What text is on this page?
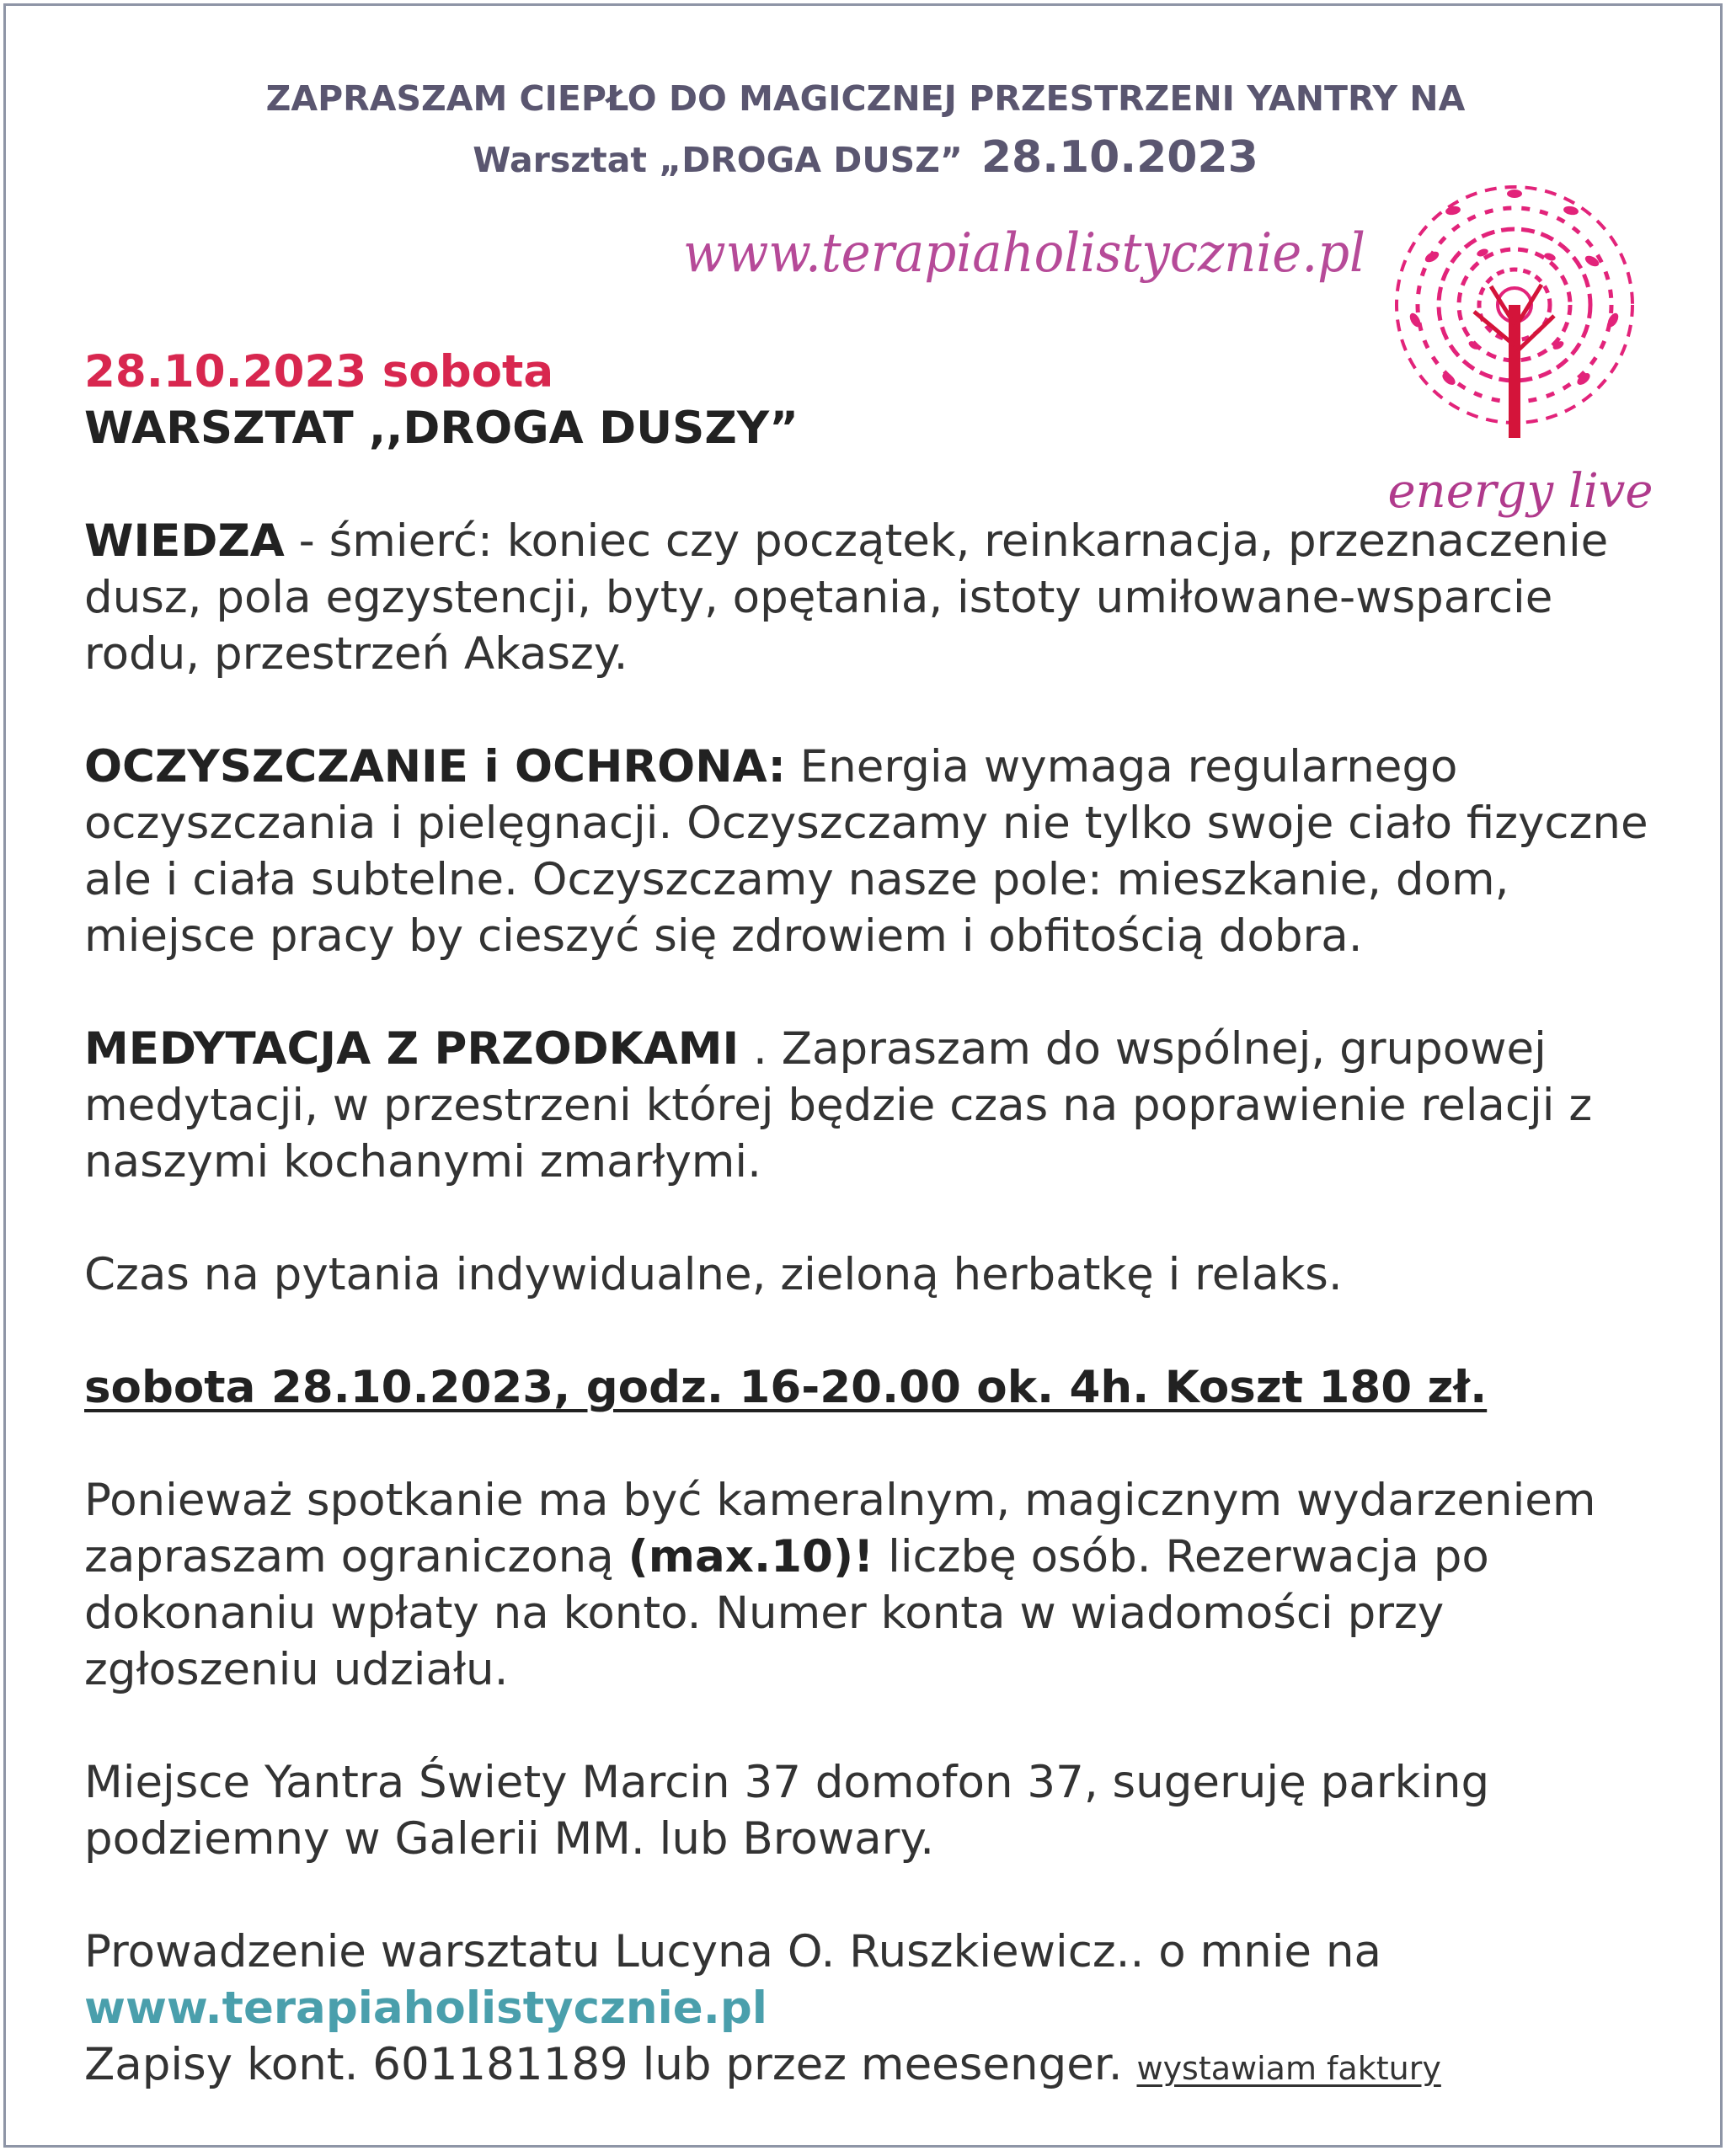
ZAPRASZAM CIEPŁO DO MAGICZNEJ PRZESTRZENI YANTRY NA
Warsztat „DROGA DUSZ” 28.10.2023
www.terapiaholistycznie.pl
energy live

28.10.2023 sobota

WARSZTAT ,,DROGA DUSZY”

WIEDZA - śmierć: koniec czy początek, reinkarnacja, przeznaczenie dusz, pola egzystencji, byty, opętania, istoty umiłowane-wsparcie rodu, przestrzeń Akaszy.

OCZYSZCZANIE i OCHRONA: Energia wymaga regularnego oczyszczania i pielęgnacji. Oczyszczamy nie tylko swoje ciało fizyczne ale i ciała subtelne. Oczyszczamy nasze pole: mieszkanie, dom, miejsce pracy by cieszyć się zdrowiem i obfitością dobra.

MEDYTACJA Z PRZODKAMI . Zapraszam do wspólnej, grupowej medytacji, w przestrzeni której będzie czas na poprawienie relacji z naszymi kochanymi zmarłymi.

Czas na pytania indywidualne, zieloną herbatkę i relaks.

sobota 28.10.2023, godz. 16-20.00 ok. 4h. Koszt 180 zł.

Ponieważ spotkanie ma być kameralnym, magicznym wydarzeniem zapraszam ograniczoną (max.10)! liczbę osób. Rezerwacja po dokonaniu wpłaty na konto. Numer konta w wiadomości przy zgłoszeniu udziału.

Miejsce Yantra Świety Marcin 37 domofon 37, sugeruję parking podziemny w Galerii MM. lub Browary.

Prowadzenie warsztatu Lucyna O. Ruszkiewicz.. o mnie na

www.terapiaholistycznie.pl

Zapisy kont. 601181189 lub przez meesenger. wystawiam faktury
